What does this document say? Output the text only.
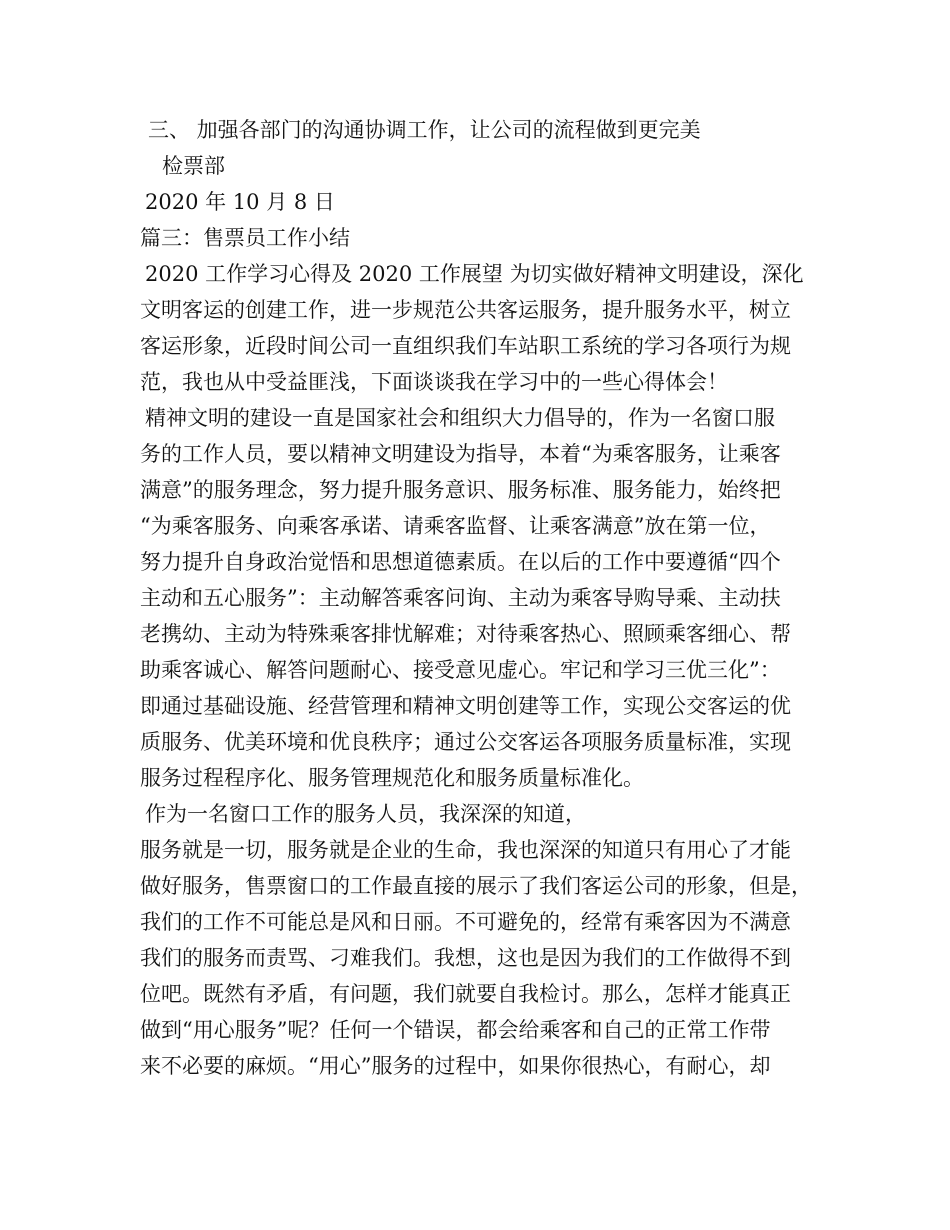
三、 加强各部门的沟通协调工作，让公司的流程做到更完美
检票部
2020 年 10 月 8 日
篇三：售票员工作小结
2020 工作学习心得及 2020 工作展望 为切实做好精神文明建设，深化
文明客运的创建工作，进一步规范公共客运服务，提升服务水平，树立
客运形象，近段时间公司一直组织我们车站职工系统的学习各项行为规
范，我也从中受益匪浅，下面谈谈我在学习中的一些心得体会！
精神文明的建设一直是国家社会和组织大力倡导的，作为一名窗口服
务的工作人员，要以精神文明建设为指导，本着“为乘客服务，让乘客
满意”的服务理念，努力提升服务意识、服务标准、服务能力，始终把
“为乘客服务、向乘客承诺、请乘客监督、让乘客满意”放在第一位，
努力提升自身政治觉悟和思想道德素质。在以后的工作中要遵循“四个
主动和五心服务”：主动解答乘客问询、主动为乘客导购导乘、主动扶
老携幼、主动为特殊乘客排忧解难；对待乘客热心、照顾乘客细心、帮
助乘客诚心、解答问题耐心、接受意见虚心。牢记和学习三优三化”：
即通过基础设施、经营管理和精神文明创建等工作，实现公交客运的优
质服务、优美环境和优良秩序；通过公交客运各项服务质量标准，实现
服务过程程序化、服务管理规范化和服务质量标准化。
作为一名窗口工作的服务人员，我深深的知道，
服务就是一切，服务就是企业的生命，我也深深的知道只有用心了才能
做好服务，售票窗口的工作最直接的展示了我们客运公司的形象，但是，
我们的工作不可能总是风和日丽。不可避免的，经常有乘客因为不满意
我们的服务而责骂、刁难我们。我想，这也是因为我们的工作做得不到
位吧。既然有矛盾，有问题，我们就要自我检讨。那么，怎样才能真正
做到“用心服务”呢？任何一个错误，都会给乘客和自己的正常工作带
来不必要的麻烦。“用心”服务的过程中，如果你很热心，有耐心，却
